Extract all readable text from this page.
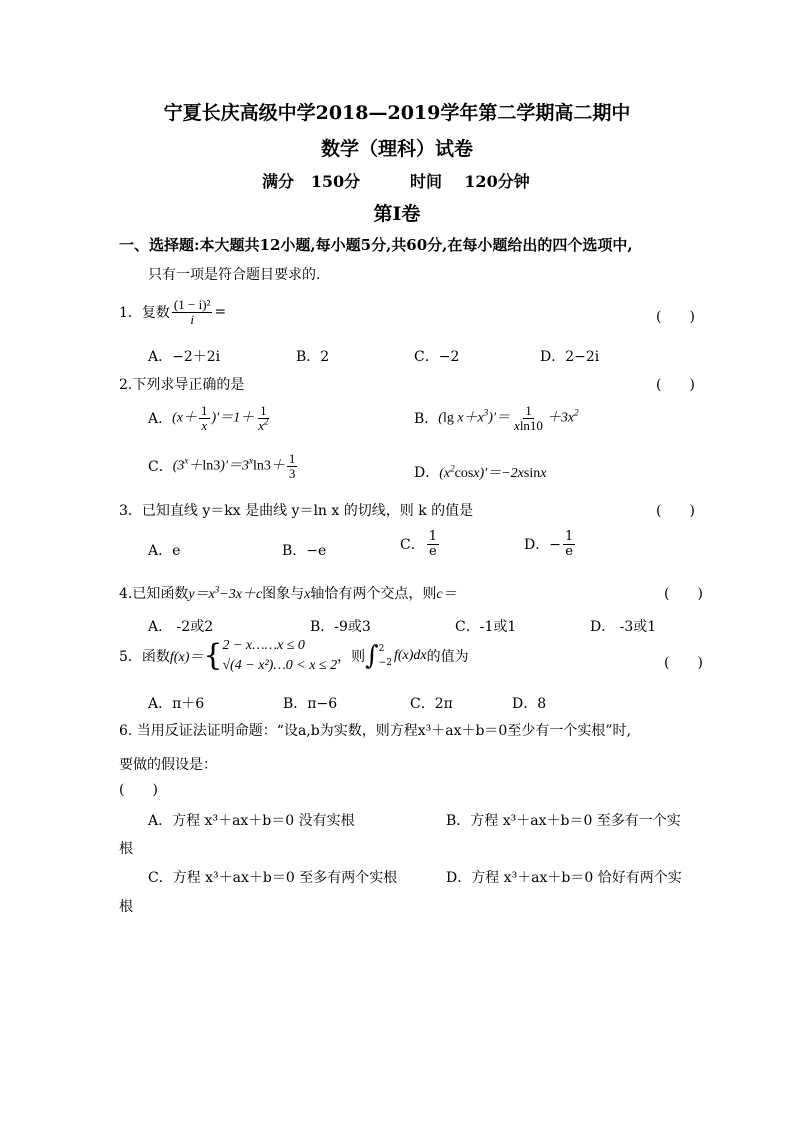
宁夏长庆高级中学2018—2019学年第二学期高二期中
数学（理科）试卷
满分 150分	时间 120分钟
第Ⅰ卷
一、选择题:本大题共12小题,每小题5分,共60分,在每小题给出的四个选项中,
只有一项是符合题目要求的.
1．复数 $\frac{\text{(1 − i)²}}{i}$ =	(　　)
A．−2＋2i	B．2	C．−2	D．2−2i
2.下列求导正确的是	(　　)
A． $(x+ \frac{1}{x} )'=1+ \frac{1}{x^2}$	B． (lg $x+x^3)'= \frac{1}{xln10} +3x^2$
C． $(3^x+\ln 3)'=3^x\ln 3+ \frac{1}{3}$	D． $(x^2\cos x)'=-2xsinx$
3．已知直线 y＝kx 是曲线 y＝ln x 的切线，则 k 的值是	(　　)
A．e	B．−e	C． $\frac{1}{e}$	D．− $\frac{1}{e}$
4.已知函数$y=x^3-3x+c$图象与x轴恰有两个交点，则c＝	(　　)
A． -2或2	B．-9或3	C．-1或1	D． -3或1
5．函数 f(x)＝ { 2 − x……x ≤ 0
√(4 − x²)…0 < x ≤ 2
，则 ∫ 2
−2 f(x)dx 的值为	(　　)
A．π＋6	B．π−6	C．2π	D．8
6. 当用反证法证明命题：“设a,b为实数，则方程x³＋ax＋b＝0至少有一个实根”时,
要做的假设是：
(　　)
A．方程 x³＋ax＋b＝0 没有实根	B．方程 x³＋ax＋b＝0 至多有一个实
根
C．方程 x³＋ax＋b＝0 至多有两个实根	D．方程 x³＋ax＋b＝0 恰好有两个实
根
